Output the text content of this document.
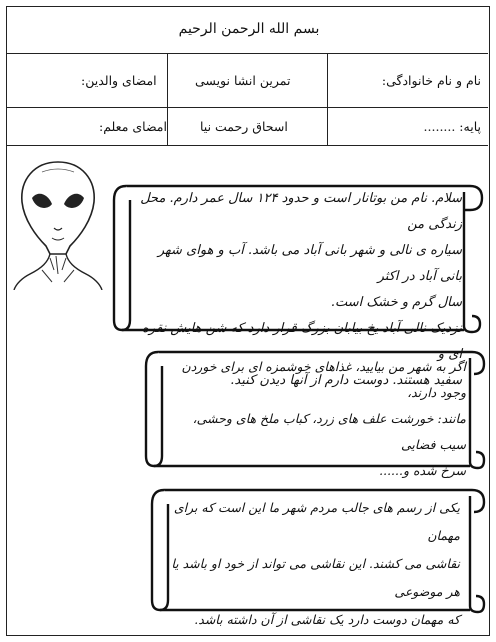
بسم الله الرحمن الرحیم
نام و نام خانوادگی:
تمرین انشا نویسی
امضای والدین:
پایه: ........
اسحاق رحمت نیا
امضای معلم:
سلام. نام من بوتانار است و حدود ۱۲۴ سال عمر دارم. محل زندگی من
سیاره ی نالی و شهر بانی آباد می باشد. آب و هوای شهر بانی آباد در اکثر
سال گرم و خشک است.
نزدیک نالی آباد یخ بیابان بزرگ قرار دارد که شن هایش نقره ای و
سفید هستند. دوست دارم از آنها دیدن کنید.
اگر به شهر من بیایید، غذاهای خوشمزه ای برای خوردن وجود دارند،
مانند: خورشت علف های زرد، کباب ملخ های وحشی، سیب فضایی
سرخ شده و......
یکی از رسم های جالب مردم شهر ما این است که برای مهمان
نقاشی می کشند. این نقاشی می تواند از خود او باشد یا هر موضوعی
که مهمان دوست دارد یک نقاشی از آن داشته باشد.
